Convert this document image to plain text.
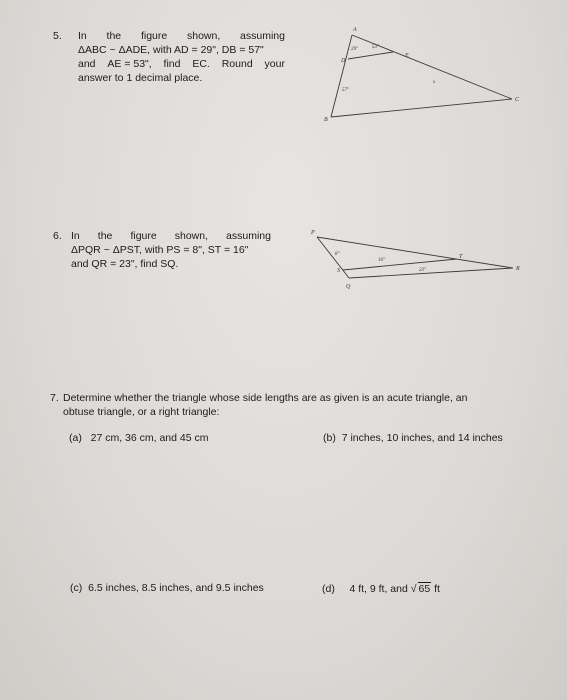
5. In the figure shown, assuming
ΔABC ~ ΔADE, with AD = 29", DB = 57"
and AE = 53", find EC. Round your
answer to 1 decimal place.
A
B
C
D
E
29"	53"
57"
x
6. In the figure shown, assuming
ΔPQR ~ ΔPST, with PS = 8", ST = 16"
and QR = 23", find SQ.
P
Q
R
S
T
8"
16"
23"
7. Determine whether the triangle whose side lengths are as given is an acute triangle, an
obtuse triangle, or a right triangle:
(a) 27 cm, 36 cm, and 45 cm	(b) 7 inches, 10 inches, and 14 inches
(c) 6.5 inches, 8.5 inches, and 9.5 inches	(d) 4 ft, 9 ft, and √ 65 ft
